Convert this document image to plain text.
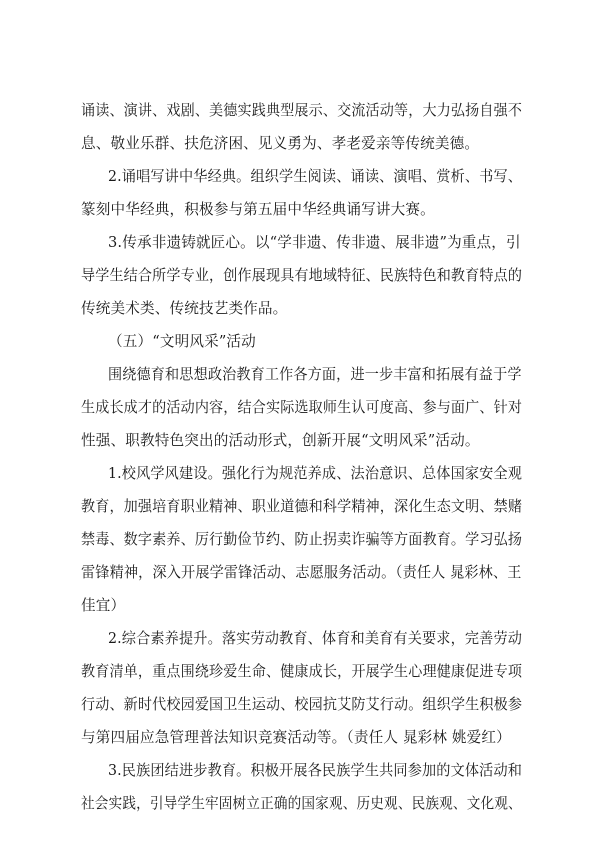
诵读、演讲、戏剧、美德实践典型展示、交流活动等，大力弘扬自强不
息、敬业乐群、扶危济困、见义勇为、孝老爱亲等传统美德。
2.诵唱写讲中华经典。组织学生阅读、诵读、演唱、赏析、书写、
篆刻中华经典，积极参与第五届中华经典诵写讲大赛。
3.传承非遗铸就匠心。以“学非遗、传非遗、展非遗”为重点，引
导学生结合所学专业，创作展现具有地域特征、民族特色和教育特点的
传统美术类、传统技艺类作品。
（五）“文明风采”活动
围绕德育和思想政治教育工作各方面，进一步丰富和拓展有益于学
生成长成才的活动内容，结合实际选取师生认可度高、参与面广、针对
性强、职教特色突出的活动形式，创新开展“文明风采”活动。
1.校风学风建设。强化行为规范养成、法治意识、总体国家安全观
教育，加强培育职业精神、职业道德和科学精神，深化生态文明、禁赌
禁毒、数字素养、厉行勤俭节约、防止拐卖诈骗等方面教育。学习弘扬
雷锋精神，深入开展学雷锋活动、志愿服务活动。（责任人 晁彩林、王
佳宜）
2.综合素养提升。落实劳动教育、体育和美育有关要求，完善劳动
教育清单，重点围绕珍爱生命、健康成长，开展学生心理健康促进专项
行动、新时代校园爱国卫生运动、校园抗艾防艾行动。组织学生积极参
与第四届应急管理普法知识竞赛活动等。（责任人 晁彩林 姚爱红）
3.民族团结进步教育。积极开展各民族学生共同参加的文体活动和
社会实践，引导学生牢固树立正确的国家观、历史观、民族观、文化观、
